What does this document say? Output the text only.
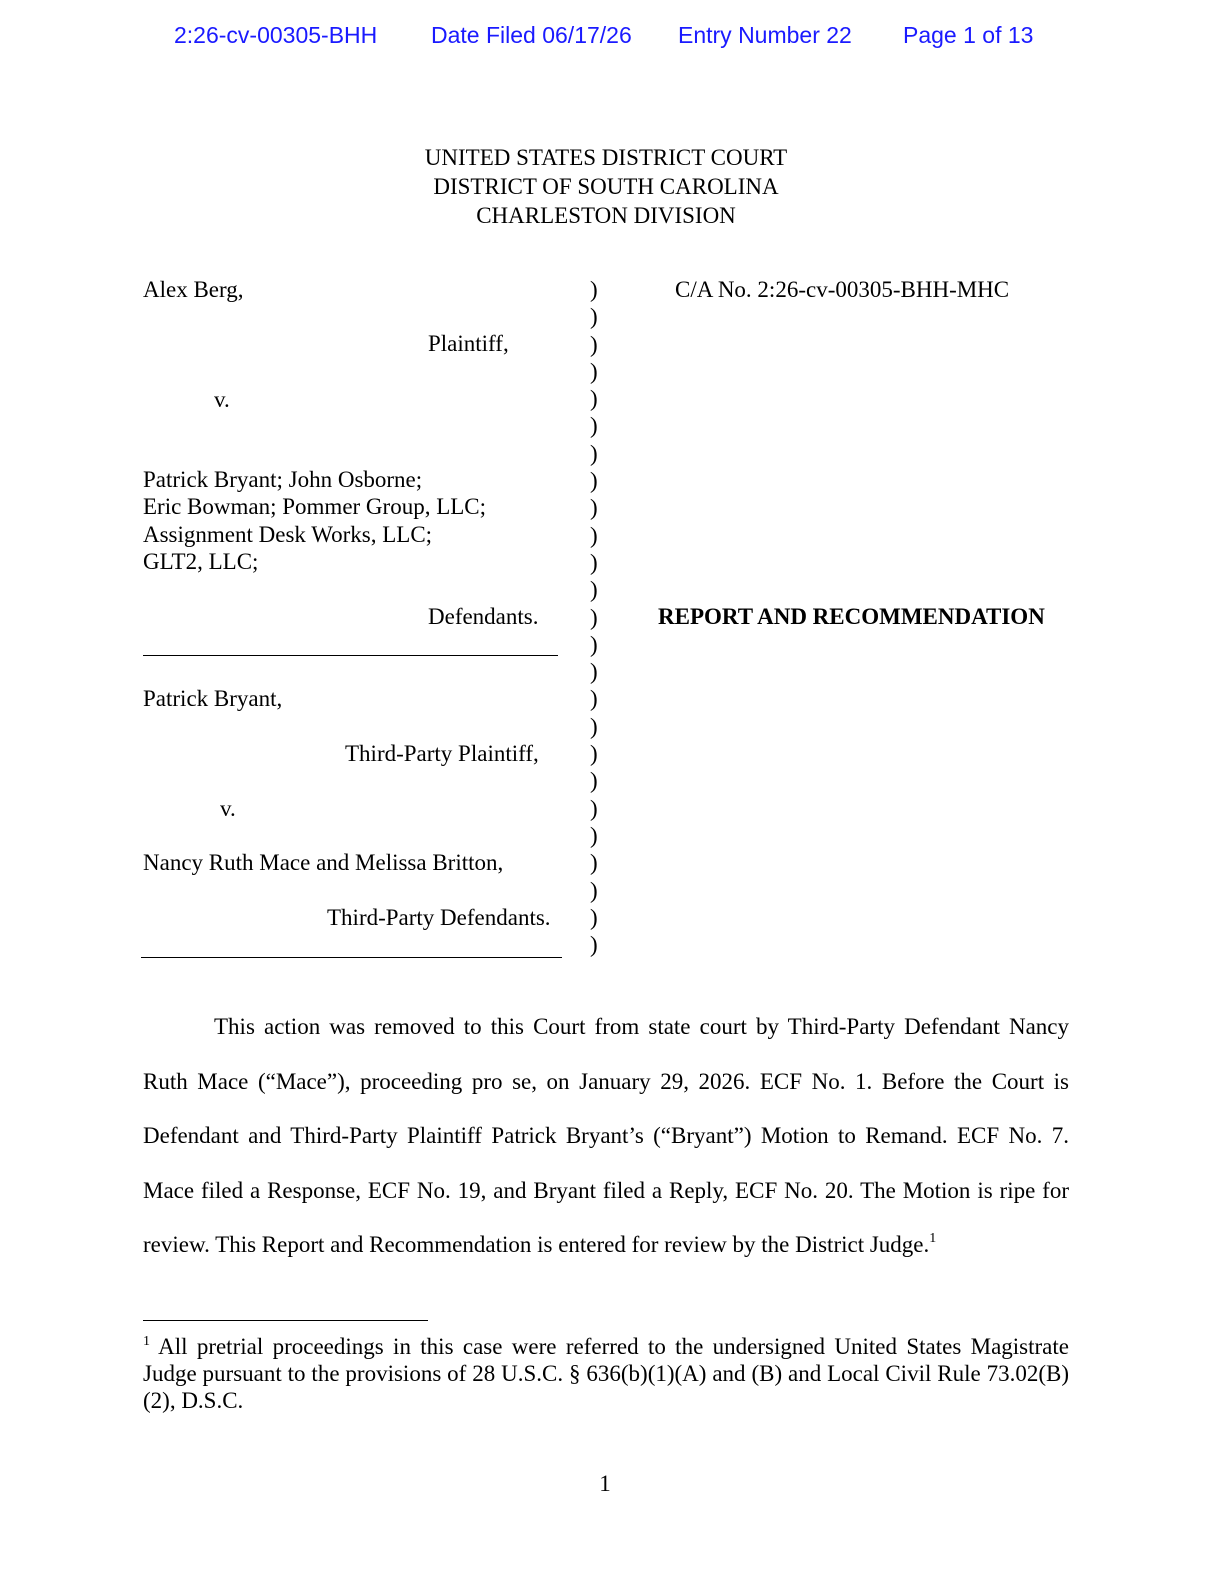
2:26-cv-00305-BHH Date Filed 06/17/26 Entry Number 22 Page 1 of 13
UNITED STATES DISTRICT COURT
DISTRICT OF SOUTH CAROLINA
CHARLESTON DIVISION
Alex Berg,
Plaintiff,
v.
Patrick Bryant; John Osborne;
Eric Bowman; Pommer Group, LLC;
Assignment Desk Works, LLC;
GLT2, LLC;
Defendants.
Patrick Bryant,
Third-Party Plaintiff,
v.
Nancy Ruth Mace and Melissa Britton,
Third-Party Defendants.
)
)
)
)
)
)
)
)
)
)
)
)
)
)
)
)
)
)
)
)
)
)
)
)
)
C/A No. 2:26-cv-00305-BHH-MHC
REPORT AND RECOMMENDATION

This action was removed to this Court from state court by Third-Party Defendant Nancy Ruth Mace (“Mace”), proceeding pro se, on January 29, 2026. ECF No. 1. Before the Court is Defendant and Third-Party Plaintiff Patrick Bryant’s (“Bryant”) Motion to Remand. ECF No. 7. Mace filed a Response, ECF No. 19, and Bryant filed a Reply, ECF No. 20. The Motion is ripe for review. This Report and Recommendation is entered for review by the District Judge.$^1$

$^1$ All pretrial proceedings in this case were referred to the undersigned United States Magistrate Judge pursuant to the provisions of 28 U.S.C. § 636(b)(1)(A) and (B) and Local Civil Rule 73.02(B)(2), D.S.C.
1
